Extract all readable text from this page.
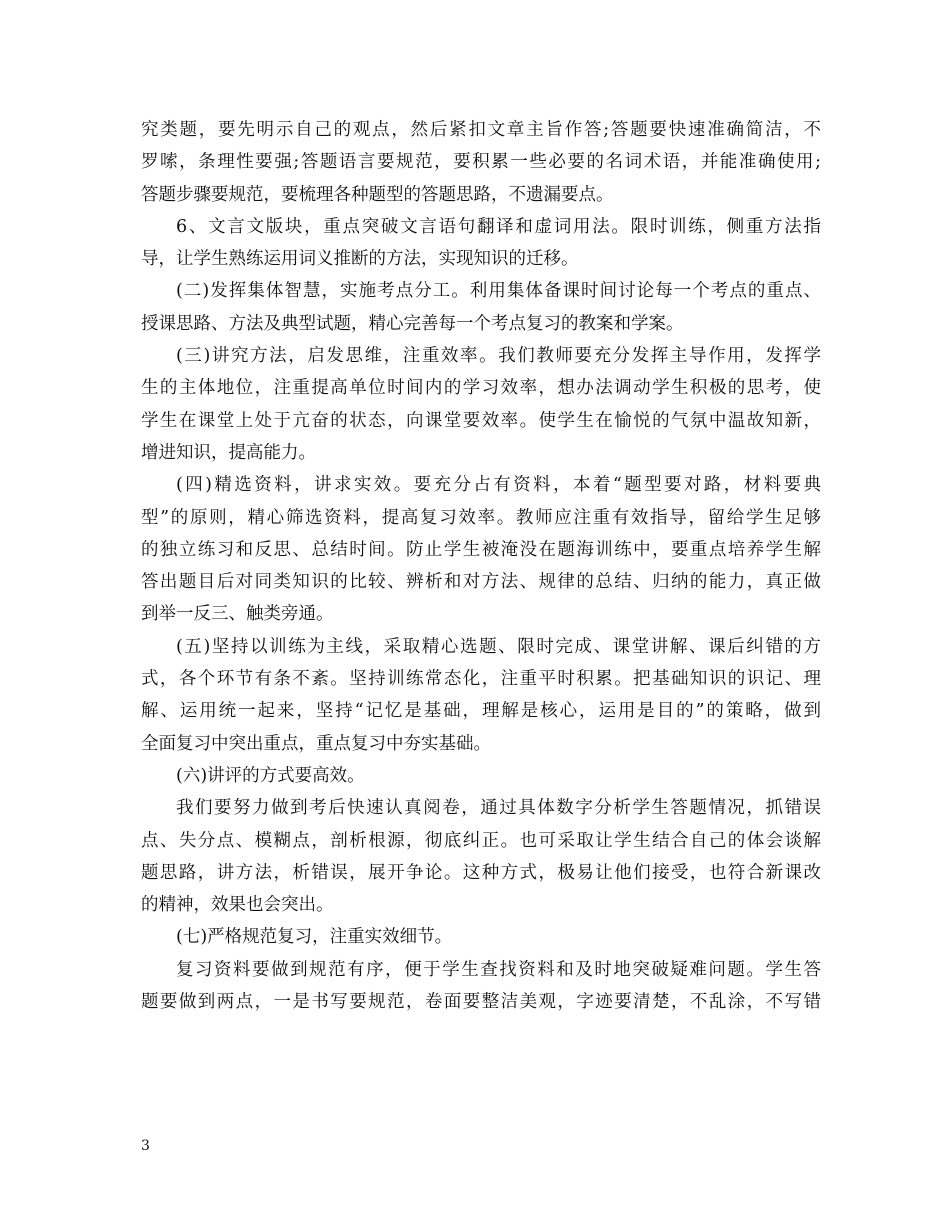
究类题，要先明示自己的观点，然后紧扣文章主旨作答;答题要快速准确简洁，不
罗嗦，条理性要强;答题语言要规范，要积累一些必要的名词术语，并能准确使用;
答题步骤要规范，要梳理各种题型的答题思路，不遗漏要点。
6、文言文版块，重点突破文言语句翻译和虚词用法。限时训练，侧重方法指
导，让学生熟练运用词义推断的方法，实现知识的迁移。
(二)发挥集体智慧，实施考点分工。利用集体备课时间讨论每一个考点的重点、
授课思路、方法及典型试题，精心完善每一个考点复习的教案和学案。
(三)讲究方法，启发思维，注重效率。我们教师要充分发挥主导作用，发挥学
生的主体地位，注重提高单位时间内的学习效率，想办法调动学生积极的思考，使
学生在课堂上处于亢奋的状态，向课堂要效率。使学生在愉悦的气氛中温故知新，
增进知识，提高能力。
(四)精选资料，讲求实效。要充分占有资料，本着“题型要对路，材料要典
型”的原则，精心筛选资料，提高复习效率。教师应注重有效指导，留给学生足够
的独立练习和反思、总结时间。防止学生被淹没在题海训练中，要重点培养学生解
答出题目后对同类知识的比较、辨析和对方法、规律的总结、归纳的能力，真正做
到举一反三、触类旁通。
(五)坚持以训练为主线，采取精心选题、限时完成、课堂讲解、课后纠错的方
式，各个环节有条不紊。坚持训练常态化，注重平时积累。把基础知识的识记、理
解、运用统一起来，坚持“记忆是基础，理解是核心，运用是目的”的策略，做到
全面复习中突出重点，重点复习中夯实基础。
(六)讲评的方式要高效。
我们要努力做到考后快速认真阅卷，通过具体数字分析学生答题情况，抓错误
点、失分点、模糊点，剖析根源，彻底纠正。也可采取让学生结合自己的体会谈解
题思路，讲方法，析错误，展开争论。这种方式，极易让他们接受，也符合新课改
的精神，效果也会突出。
(七)严格规范复习，注重实效细节。
复习资料要做到规范有序，便于学生查找资料和及时地突破疑难问题。学生答
题要做到两点，一是书写要规范，卷面要整洁美观，字迹要清楚，不乱涂，不写错
3
